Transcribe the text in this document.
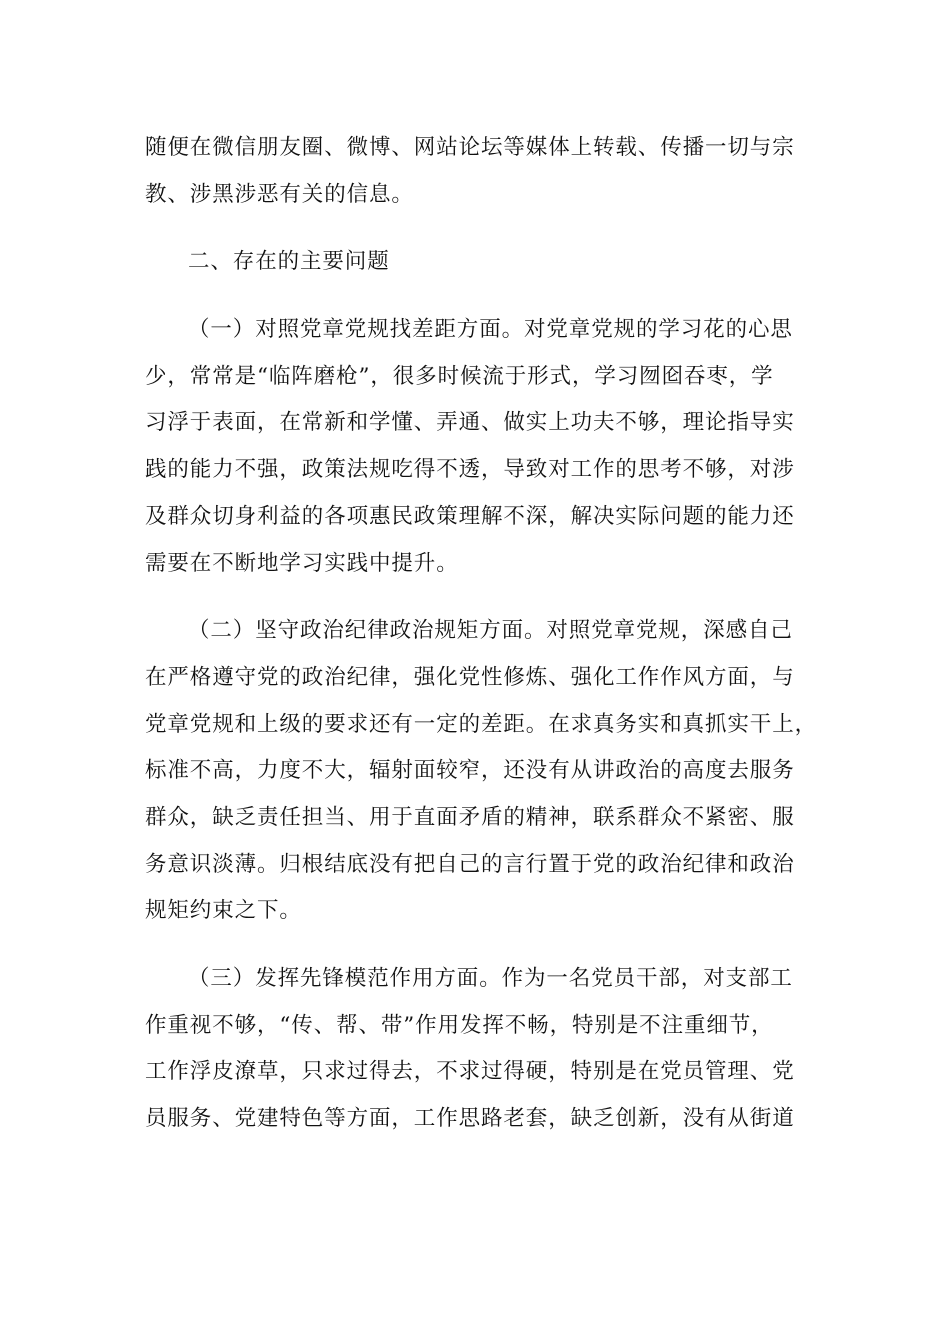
随便在微信朋友圈、微博、网站论坛等媒体上转载、传播一切与宗
教、涉黑涉恶有关的信息。
二、存在的主要问题
（一）对照党章党规找差距方面。对党章党规的学习花的心思
少，常常是“临阵磨枪”，很多时候流于形式，学习囫囵吞枣，学
习浮于表面，在常新和学懂、弄通、做实上功夫不够，理论指导实
践的能力不强，政策法规吃得不透，导致对工作的思考不够，对涉
及群众切身利益的各项惠民政策理解不深，解决实际问题的能力还
需要在不断地学习实践中提升。
（二）坚守政治纪律政治规矩方面。对照党章党规，深感自己
在严格遵守党的政治纪律，强化党性修炼、强化工作作风方面，与
党章党规和上级的要求还有一定的差距。在求真务实和真抓实干上，
标准不高，力度不大，辐射面较窄，还没有从讲政治的高度去服务
群众，缺乏责任担当、用于直面矛盾的精神，联系群众不紧密、服
务意识淡薄。归根结底没有把自己的言行置于党的政治纪律和政治
规矩约束之下。
（三）发挥先锋模范作用方面。作为一名党员干部，对支部工
作重视不够，“传、帮、带”作用发挥不畅，特别是不注重细节，
工作浮皮潦草，只求过得去，不求过得硬，特别是在党员管理、党
员服务、党建特色等方面，工作思路老套，缺乏创新，没有从街道
